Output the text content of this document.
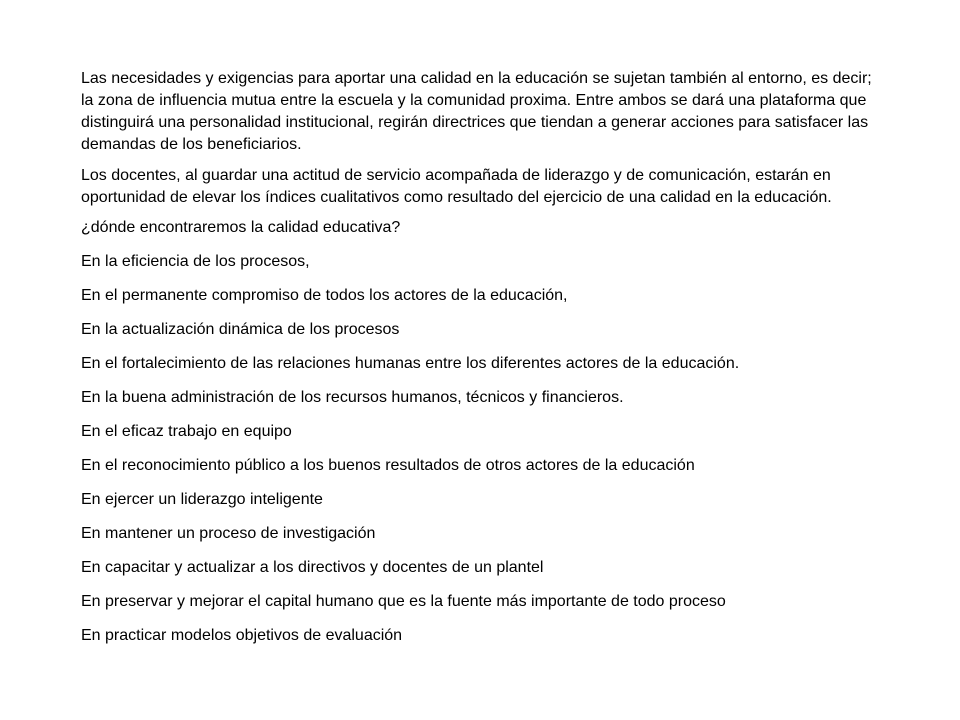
Las necesidades y exigencias para aportar una calidad en la educación se sujetan también al entorno, es decir; la zona de influencia mutua entre la escuela y la comunidad proxima. Entre ambos se dará una plataforma que distinguirá una personalidad institucional, regirán directrices que tiendan a generar acciones para satisfacer las demandas de los beneficiarios.

Los docentes, al guardar una actitud de servicio acompañada de liderazgo y de comunicación, estarán en oportunidad de elevar los índices cualitativos como resultado del ejercicio de una calidad en la educación.

¿dónde encontraremos la calidad educativa?

En la eficiencia de los procesos,

En el permanente compromiso de todos los actores de la educación,

En la actualización dinámica de los procesos

En el fortalecimiento de las relaciones humanas entre los diferentes actores de la educación.

En la buena administración de los recursos humanos, técnicos y financieros.

En el eficaz trabajo en equipo

En el reconocimiento público a los buenos resultados de otros actores de la educación

En ejercer un liderazgo inteligente

En mantener un proceso de investigación

En capacitar y actualizar a los directivos y docentes de un plantel

En preservar y mejorar el capital humano que es la fuente más importante de todo proceso

En practicar modelos objetivos de evaluación
